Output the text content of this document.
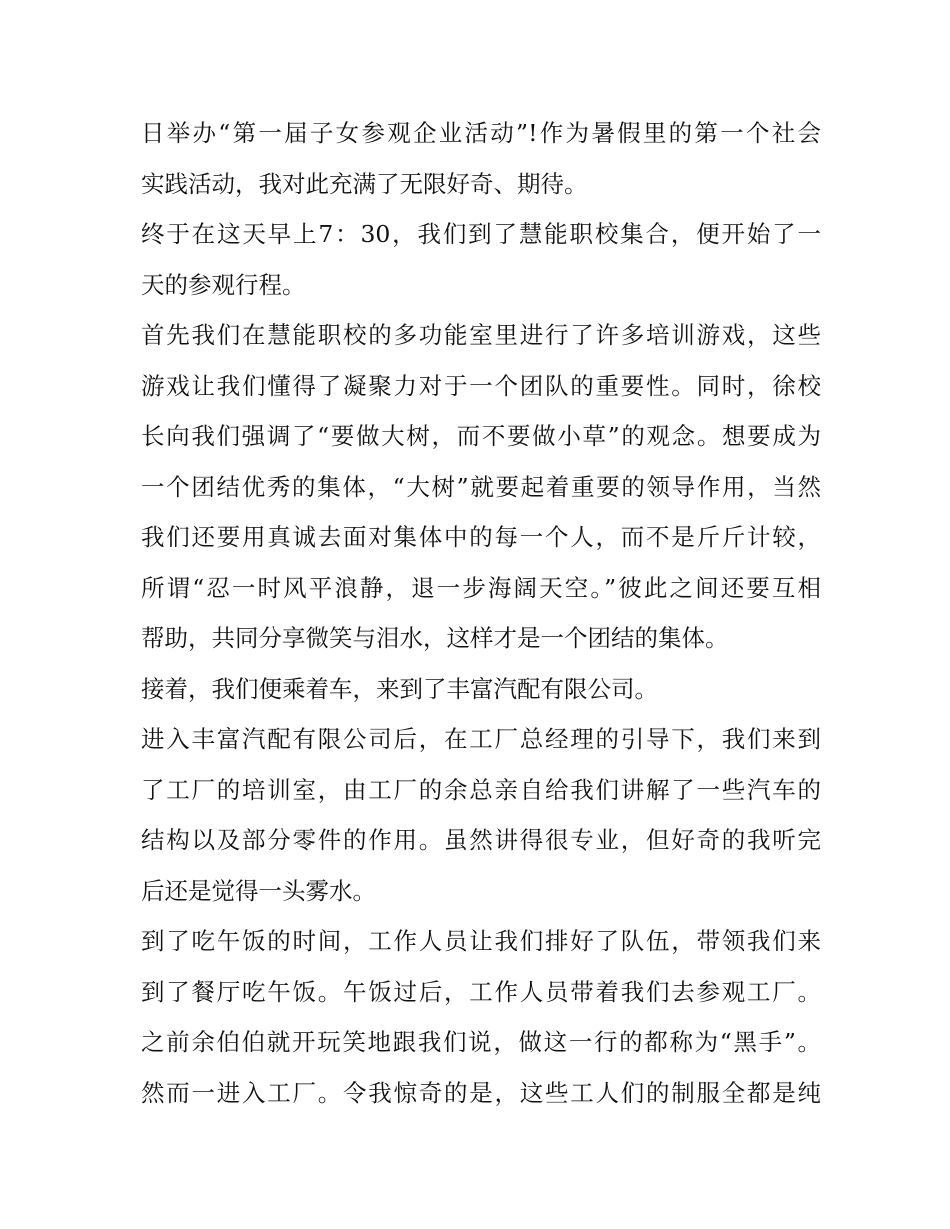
日举办“第一届子女参观企业活动”!作为暑假里的第一个社会
实践活动，我对此充满了无限好奇、期待。
终于在这天早上7：30，我们到了慧能职校集合，便开始了一
天的参观行程。
首先我们在慧能职校的多功能室里进行了许多培训游戏，这些
游戏让我们懂得了凝聚力对于一个团队的重要性。同时，徐校
长向我们强调了“要做大树，而不要做小草”的观念。想要成为
一个团结优秀的集体，“大树”就要起着重要的领导作用，当然
我们还要用真诚去面对集体中的每一个人，而不是斤斤计较，
所谓“忍一时风平浪静，退一步海阔天空。”彼此之间还要互相
帮助，共同分享微笑与泪水，这样才是一个团结的集体。
接着，我们便乘着车，来到了丰富汽配有限公司。
进入丰富汽配有限公司后，在工厂总经理的引导下，我们来到
了工厂的培训室，由工厂的余总亲自给我们讲解了一些汽车的
结构以及部分零件的作用。虽然讲得很专业，但好奇的我听完
后还是觉得一头雾水。
到了吃午饭的时间，工作人员让我们排好了队伍，带领我们来
到了餐厅吃午饭。午饭过后，工作人员带着我们去参观工厂。
之前余伯伯就开玩笑地跟我们说，做这一行的都称为“黑手”。
然而一进入工厂。令我惊奇的是，这些工人们的制服全都是纯
